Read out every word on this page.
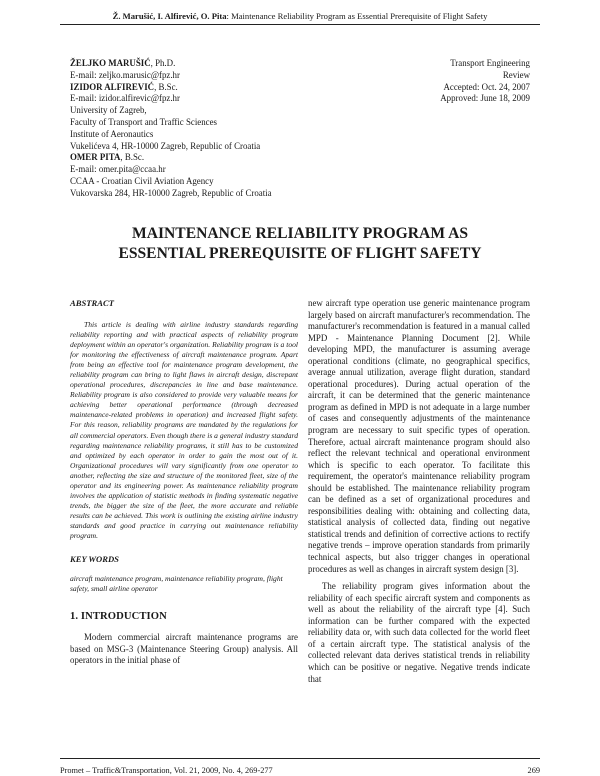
Ž. Marušić, I. Alfirević, O. Pita: Maintenance Reliability Program as Essential Prerequisite of Flight Safety
ŽELJKO MARUŠIĆ, Ph.D.
E-mail: zeljko.marusic@fpz.hr
IZIDOR ALFIREVIĆ, B.Sc.
E-mail: izidor.alfirevic@fpz.hr
University of Zagreb,
Faculty of Transport and Traffic Sciences
Institute of Aeronautics
Vukelićeva 4, HR-10000 Zagreb, Republic of Croatia
OMER PITA, B.Sc.
E-mail: omer.pita@ccaa.hr
CCAA - Croatian Civil Aviation Agency
Vukovarska 284, HR-10000 Zagreb, Republic of Croatia
Transport Engineering
Review
Accepted: Oct. 24, 2007
Approved: June 18, 2009
MAINTENANCE RELIABILITY PROGRAM AS
ESSENTIAL PREREQUISITE OF FLIGHT SAFETY
ABSTRACT

This article is dealing with airline industry standards regarding reliability reporting and with practical aspects of reliability program deployment within an operator's organization. Reliability program is a tool for monitoring the effectiveness of aircraft maintenance program. Apart from being an effective tool for maintenance program development, the reliability program can bring to light flaws in aircraft design, discrepant operational procedures, discrepancies in line and base maintenance. Reliability program is also considered to provide very valuable means for achieving better operational performance (through decreased maintenance-related problems in operation) and increased flight safety. For this reason, reliability programs are mandated by the regulations for all commercial operators. Even though there is a general industry standard regarding maintenance reliability programs, it still has to be customized and optimized by each operator in order to gain the most out of it. Organizational procedures will vary significantly from one operator to another, reflecting the size and structure of the monitored fleet, size of the operator and its engineering power. As maintenance reliability program involves the application of statistic methods in finding systematic negative trends, the bigger the size of the fleet, the more accurate and reliable results can be achieved. This work is outlining the existing airline industry standards and good practice in carrying out maintenance reliability program.

KEY WORDS

aircraft maintenance program, maintenance reliability program, flight safety, small airline operator

1. INTRODUCTION

Modern commercial aircraft maintenance programs are based on MSG-3 (Maintenance Steering Group) analysis. All operators in the initial phase of

new aircraft type operation use generic maintenance program largely based on aircraft manufacturer's recommendation. The manufacturer's recommendation is featured in a manual called MPD - Maintenance Planning Document [2]. While developing MPD, the manufacturer is assuming average operational conditions (climate, no geographical specifics, average annual utilization, average flight duration, standard operational procedures). During actual operation of the aircraft, it can be determined that the generic maintenance program as defined in MPD is not adequate in a large number of cases and consequently adjustments of the maintenance program are necessary to suit specific types of operation. Therefore, actual aircraft maintenance program should also reflect the relevant technical and operational environment which is specific to each operator. To facilitate this requirement, the operator's maintenance reliability program should be established. The maintenance reliability program can be defined as a set of organizational procedures and responsibilities dealing with: obtaining and collecting data, statistical analysis of collected data, finding out negative statistical trends and definition of corrective actions to rectify negative trends – improve operation standards from primarily technical aspects, but also trigger changes in operational procedures as well as changes in aircraft system design [3].

The reliability program gives information about the reliability of each specific aircraft system and components as well as about the reliability of the aircraft type [4]. Such information can be further compared with the expected reliability data or, with such data collected for the world fleet of a certain aircraft type. The statistical analysis of the collected relevant data derives statistical trends in reliability which can be positive or negative. Negative trends indicate that

Promet – Traffic&Transportation, Vol. 21, 2009, No. 4, 269-277	269
